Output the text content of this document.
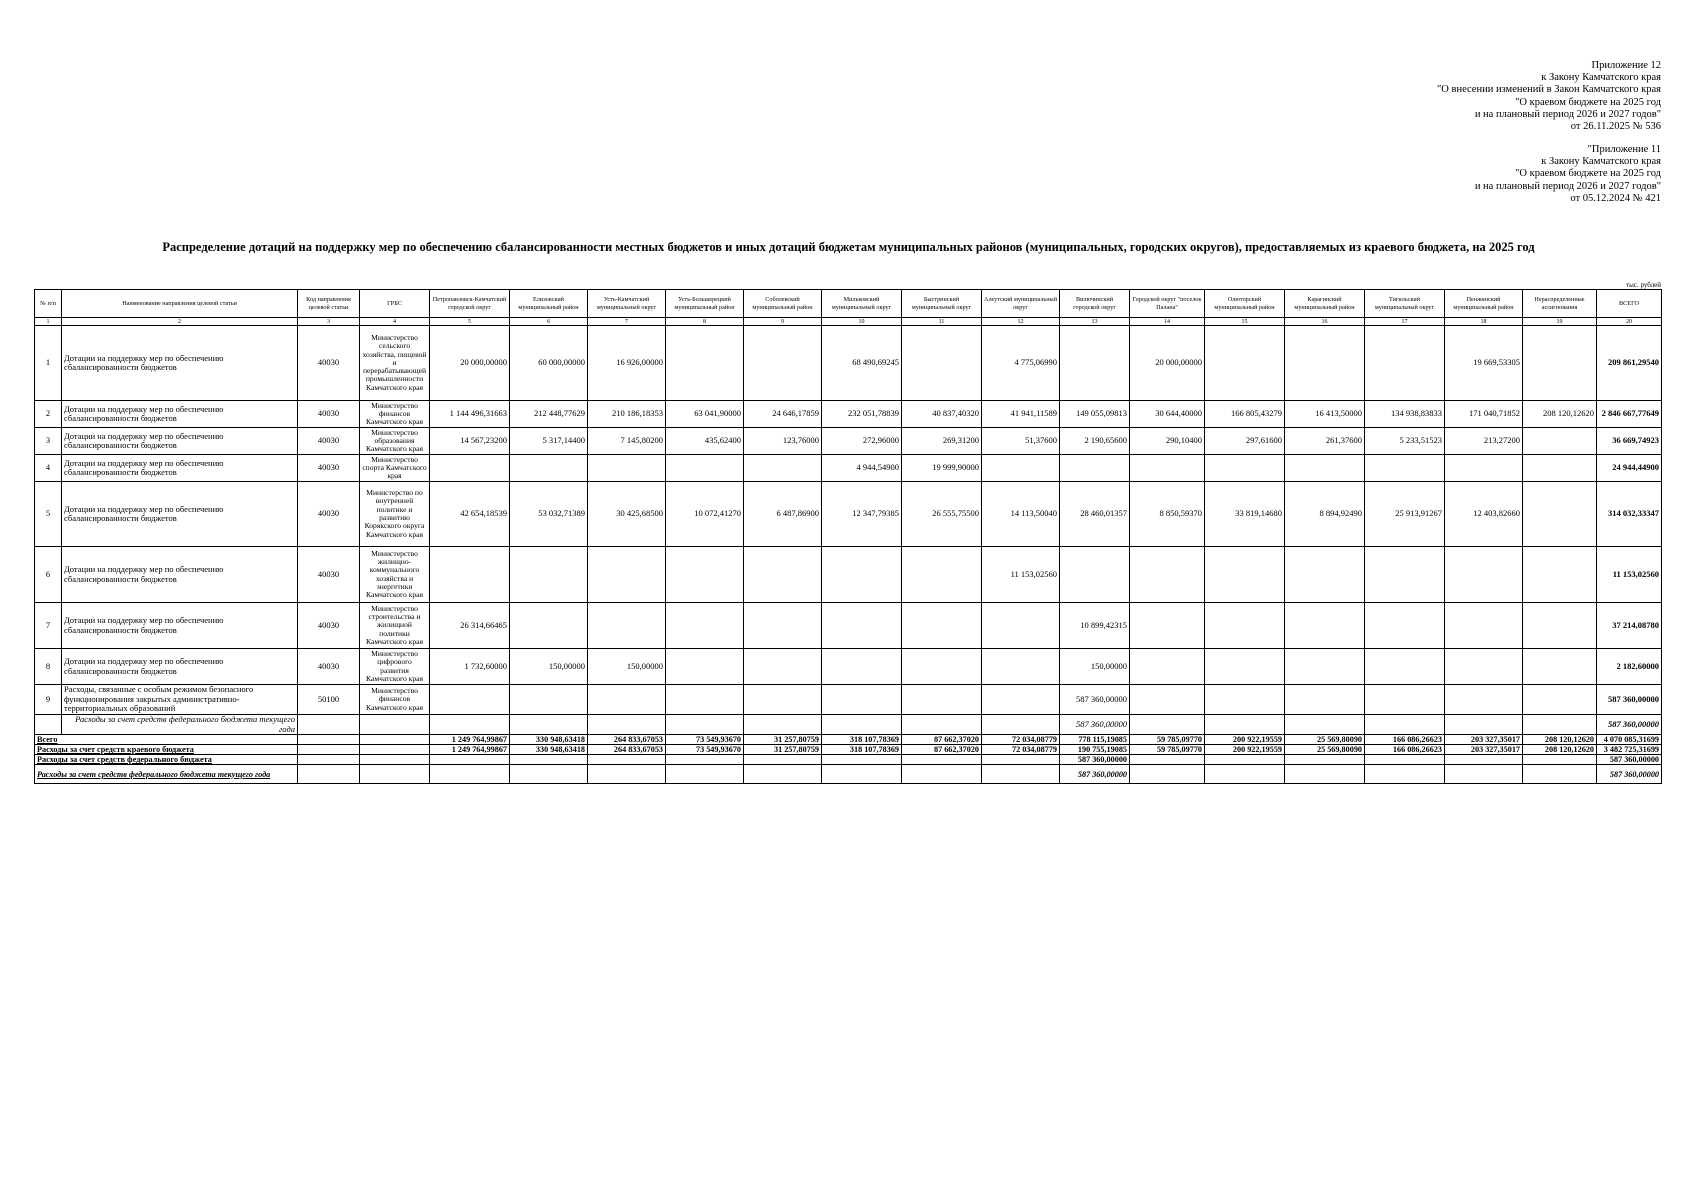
Приложение 12
к Закону Камчатского края
"О внесении изменений в Закон Камчатского края
"О краевом бюджете на 2025 год
и на плановый период 2026 и 2027 годов"
от 26.11.2025 № 536
"Приложение 11
к Закону Камчатского края
"О краевом бюджете на 2025 год
и на плановый период 2026 и 2027 годов"
от 05.12.2024 № 421
Распределение дотаций на поддержку мер по обеспечению сбалансированности местных бюджетов и иных дотаций бюджетам муниципальных районов (муниципальных, городских округов), предоставляемых из краевого бюджета, на 2025 год
тыс. рублей
№ п/п	Наименование направления целевой статьи	Код направления целевой статьи	ГРБС	Петропавловск-Камчатский городской округ	Елизовский муниципальный район	Усть-Камчатский муниципальный округ	Усть-Большерецкий муниципальный район	Соболевский муниципальный район	Мильковский муниципальный округ	Быстринский муниципальный округ	Алеутский муниципальный округ	Вилючинский городской округ	Городской округ "поселок Палана"	Олюторский муниципальный район	Карагинский муниципальный район	Тигильский муниципальный округ	Пенжинский муниципальный район	Нераспределенные ассигнования	ВСЕГО
1	2	3	4	5	6	7	8	9	10	11	12	13	14	15	16	17	18	19	20
1	Дотации на поддержку мер по обеспечению сбалансированности бюджетов	40030	Министерство сельского хозяйства, пищевой и перерабатывающей промышленности Камчатского края	20 000,00000	60 000,00000	16 926,00000			68 490,69245		4 775,06990		20 000,00000				19 669,53305		209 861,29540
2	Дотации на поддержку мер по обеспечению сбалансированности бюджетов	40030	Министерство финансов Камчатского края	1 144 496,31663	212 448,77629	210 186,18353	63 041,90000	24 646,17859	232 051,78839	40 837,40320	41 941,11589	149 055,09813	30 644,40000	166 805,43279	16 413,50000	134 938,83833	171 040,71852	208 120,12620	2 846 667,77649
3	Дотации на поддержку мер по обеспечению сбалансированности бюджетов	40030	Министерство образования Камчатского края	14 567,23200	5 317,14400	7 145,80200	435,62400	123,76000	272,96000	269,31200	51,37600	2 190,65600	290,10400	297,61600	261,37600	5 233,51523	213,27200		36 669,74923
4	Дотации на поддержку мер по обеспечению сбалансированности бюджетов	40030	Министерство спорта Камчатского края						4 944,54900	19 999,90000									24 944,44900
5	Дотации на поддержку мер по обеспечению сбалансированности бюджетов	40030	Министерство по внутренней политике и развитию Корякского округа Камчатского края	42 654,18539	53 032,71389	30 425,68500	10 072,41270	6 487,86900	12 347,79385	26 555,75500	14 113,50040	28 460,01357	8 850,59370	33 819,14680	8 894,92490	25 913,91267	12 403,82660		314 032,33347
6	Дотации на поддержку мер по обеспечению сбалансированности бюджетов	40030	Министерство жилищно-коммунального хозяйства и энергетики Камчатского края								11 153,02560								11 153,02560
7	Дотации на поддержку мер по обеспечению сбалансированности бюджетов	40030	Министерство строительства и жилищной политики Камчатского края	26 314,66465								10 899,42315							37 214,08780
8	Дотации на поддержку мер по обеспечению сбалансированности бюджетов	40030	Министерство цифрового развития Камчатского края	1 732,60000	150,00000	150,00000						150,00000							2 182,60000
9	Расходы, связанные с особым режимом безопасного функционирования закрытых административно-территориальных образований	50100	Министерство финансов Камчатского края									587 360,00000							587 360,00000
	Расходы за счет средств федерального бюджета текущего года											587 360,00000							587 360,00000
Всего				1 249 764,99867	330 948,63418	264 833,67053	73 549,93670	31 257,80759	318 107,78369	87 662,37020	72 034,08779	778 115,19085	59 785,09770	200 922,19559	25 569,80090	166 086,26623	203 327,35017	208 120,12620	4 070 085,31699
Расходы за счет средств краевого бюджета				1 249 764,99867	330 948,63418	264 833,67053	73 549,93670	31 257,80759	318 107,78369	87 662,37020	72 034,08779	190 755,19085	59 785,09770	200 922,19559	25 569,80090	166 086,26623	203 327,35017	208 120,12620	3 482 725,31699
Расходы за счет средств федерального бюджета												587 360,00000							587 360,00000
Расходы за счет средств федерального бюджета текущего года												587 360,00000							587 360,00000
